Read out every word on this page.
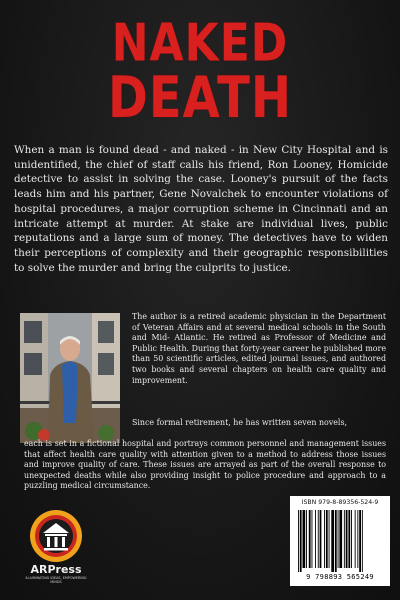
NAKED
DEATH

When a man is found dead - and naked - in New City Hospital and is unidentified, the chief of staff calls his friend, Ron Looney, Homicide detective to assist in solving the case. Looney's pursuit of the facts leads him and his partner, Gene Novalchek to encounter violations of hospital procedures, a major corruption scheme in Cincinnati and an intricate attempt at murder. At stake are individual lives, public reputations and a large sum of money. The detectives have to widen their perceptions of complexity and their geographic responsibilities to solve the murder and bring the culprits to justice.

The author is a retired academic physician in the Department of Veteran Affairs and at several medical schools in the South and Mid- Atlantic. He retired as Professor of Medicine and Public Health. During that forty-year career he published more than 50 scientific articles, edited journal issues, and authored two books and several chapters on health care quality and improvement.

Since formal retirement, he has written seven novels,

each is set in a fictional hospital and portrays common personnel and management issues that affect health care quality with attention given to a method to address those issues and improve quality of care. These issues are arrayed as part of the overall response to unexpected deaths while also providing insight to police procedure and approach to a puzzling medical circumstance.

ARPress
ILLUMINATING IDEAS, EMPOWERING MINDS
ISBN 979-8-89356-524-9
9 798893 565249
